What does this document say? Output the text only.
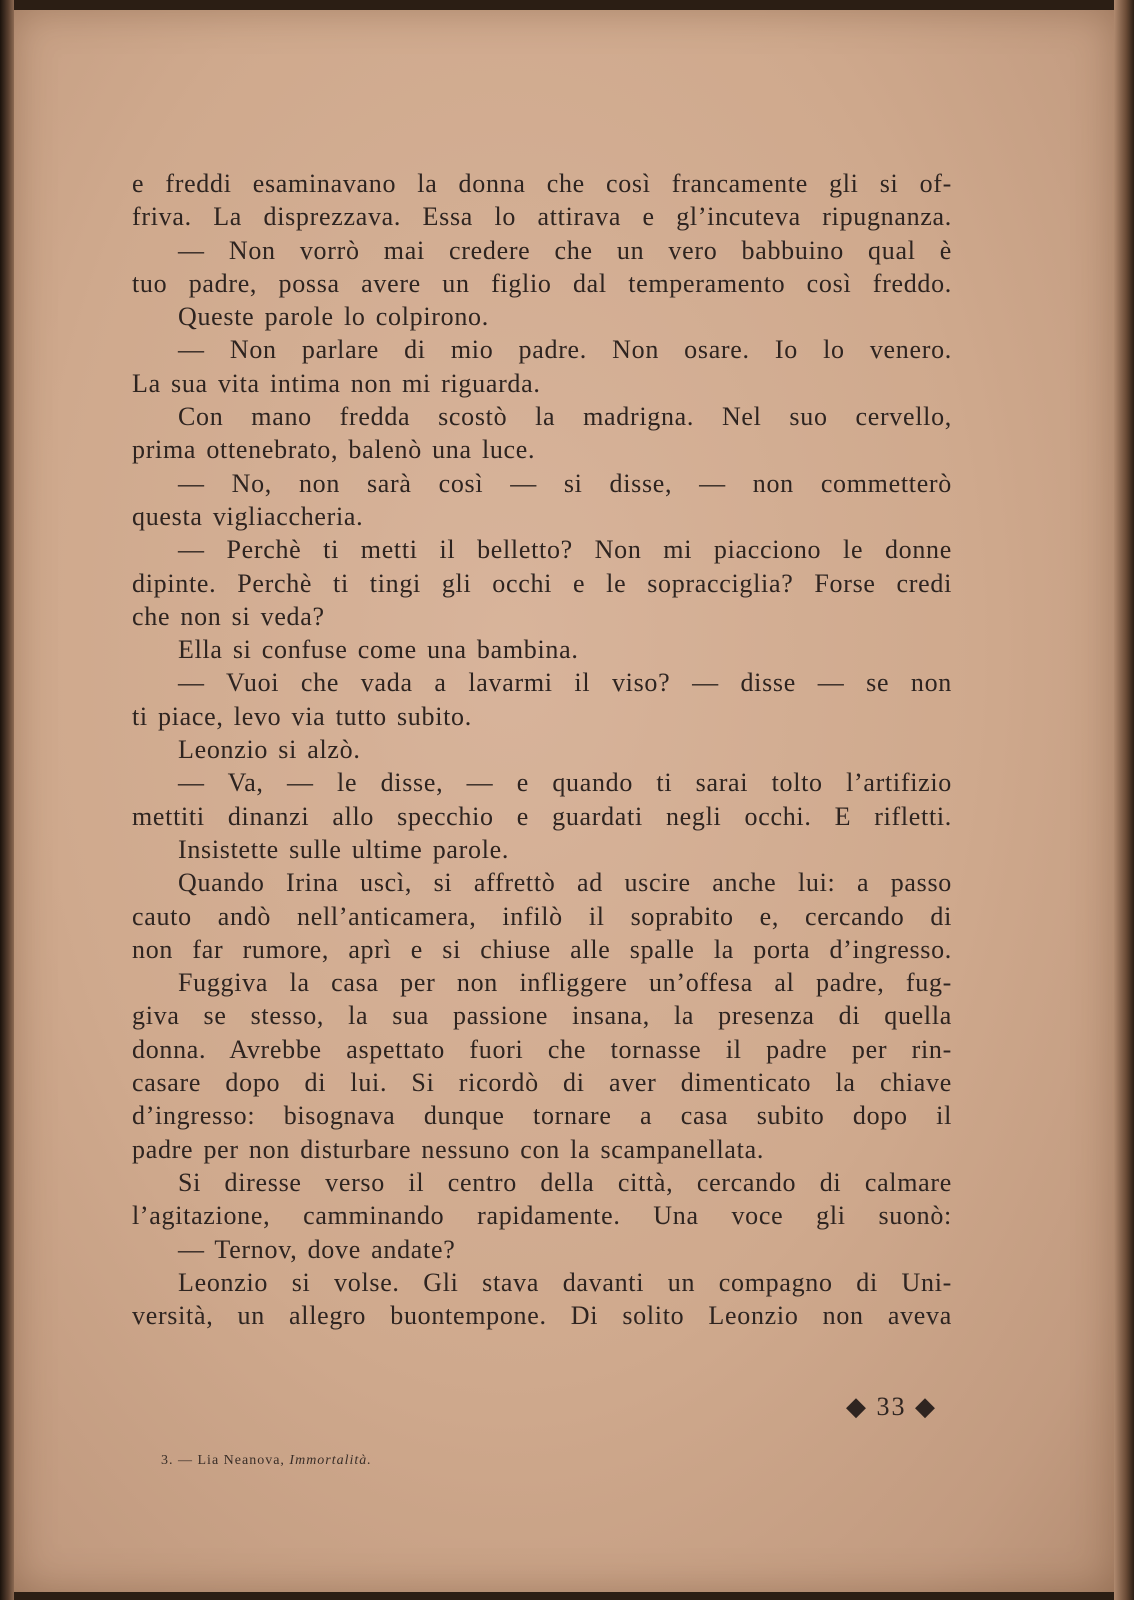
e freddi esaminavano la donna che così francamente gli si of-
friva. La disprezzava. Essa lo attirava e gl’incuteva ripugnanza.
— Non vorrò mai credere che un vero babbuino qual è
tuo padre, possa avere un figlio dal temperamento così freddo.
Queste parole lo colpirono.
— Non parlare di mio padre. Non osare. Io lo venero.
La sua vita intima non mi riguarda.
Con mano fredda scostò la madrigna. Nel suo cervello,
prima ottenebrato, balenò una luce.
— No, non sarà così — si disse, — non commetterò
questa vigliaccheria.
— Perchè ti metti il belletto? Non mi piacciono le donne
dipinte. Perchè ti tingi gli occhi e le sopracciglia? Forse credi
che non si veda?
Ella si confuse come una bambina.
— Vuoi che vada a lavarmi il viso? — disse — se non
ti piace, levo via tutto subito.
Leonzio si alzò.
— Va, — le disse, — e quando ti sarai tolto l’artifizio
mettiti dinanzi allo specchio e guardati negli occhi. E rifletti.
Insistette sulle ultime parole.
Quando Irina uscì, si affrettò ad uscire anche lui: a passo
cauto andò nell’anticamera, infilò il soprabito e, cercando di
non far rumore, aprì e si chiuse alle spalle la porta d’ingresso.
Fuggiva la casa per non infliggere un’offesa al padre, fug-
giva se stesso, la sua passione insana, la presenza di quella
donna. Avrebbe aspettato fuori che tornasse il padre per rin-
casare dopo di lui. Si ricordò di aver dimenticato la chiave
d’ingresso: bisognava dunque tornare a casa subito dopo il
padre per non disturbare nessuno con la scampanellata.
Si diresse verso il centro della città, cercando di calmare
l’agitazione, camminando rapidamente. Una voce gli suonò:
— Ternov, dove andate?
Leonzio si volse. Gli stava davanti un compagno di Uni-
versità, un allegro buontempone. Di solito Leonzio non aveva
◆ 33 ◆
3. — Lia Neanova, Immortalità.
